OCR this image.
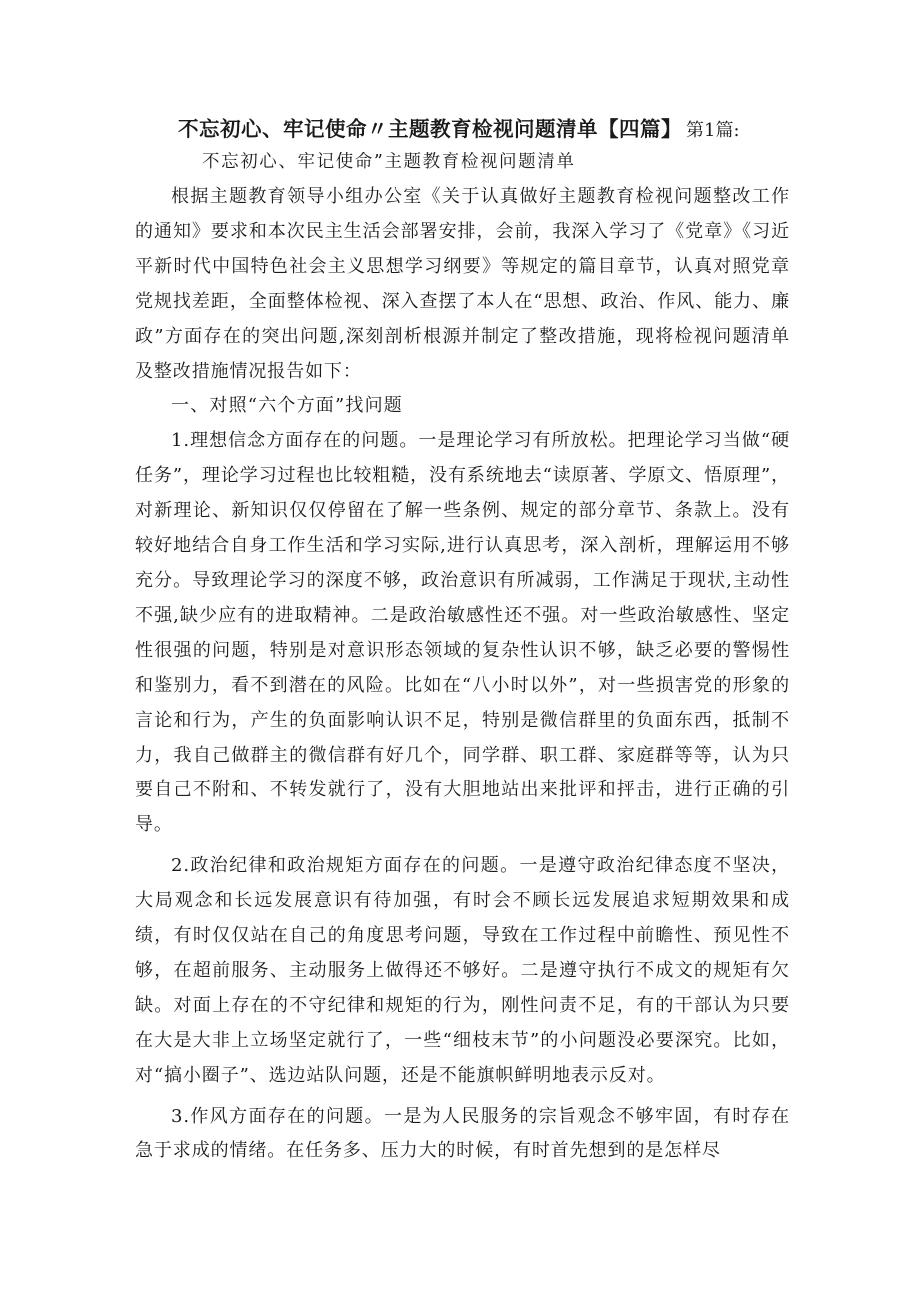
不忘初心、牢记使命〃主题教育检视问题清单【四篇】 第1篇:
不忘初心、牢记使命”主题教育检视问题清单

根据主题教育领导小组办公室《关于认真做好主题教育检视问题整改工作的通知》要求和本次民主生活会部署安排，会前，我深入学习了《党章》《习近平新时代中国特色社会主义思想学习纲要》等规定的篇目章节，认真对照党章党规找差距，全面整体检视、深入查摆了本人在“思想、政治、作风、能力、廉政”方面存在的突出问题,深刻剖析根源并制定了整改措施，现将检视问题清单及整改措施情况报告如下：

一、对照“六个方面”找问题

1.理想信念方面存在的问题。一是理论学习有所放松。把理论学习当做“硬任务”，理论学习过程也比较粗糙，没有系统地去“读原著、学原文、悟原理”，对新理论、新知识仅仅停留在了解一些条例、规定的部分章节、条款上。没有较好地结合自身工作生活和学习实际,进行认真思考，深入剖析，理解运用不够充分。导致理论学习的深度不够，政治意识有所减弱，工作满足于现状,主动性不强,缺少应有的进取精神。二是政治敏感性还不强。对一些政治敏感性、坚定性很强的问题，特别是对意识形态领域的复杂性认识不够，缺乏必要的警惕性和鉴别力，看不到潜在的风险。比如在“八小时以外”，对一些损害党的形象的言论和行为，产生的负面影响认识不足，特别是微信群里的负面东西，抵制不力，我自己做群主的微信群有好几个，同学群、职工群、家庭群等等，认为只要自己不附和、不转发就行了，没有大胆地站出来批评和抨击，进行正确的引导。

2.政治纪律和政治规矩方面存在的问题。一是遵守政治纪律态度不坚决，大局观念和长远发展意识有待加强，有时会不顾长远发展追求短期效果和成绩，有时仅仅站在自己的角度思考问题，导致在工作过程中前瞻性、预见性不够，在超前服务、主动服务上做得还不够好。二是遵守执行不成文的规矩有欠缺。对面上存在的不守纪律和规矩的行为，刚性问责不足，有的干部认为只要在大是大非上立场坚定就行了，一些“细枝末节”的小问题没必要深究。比如，对“搞小圈子”、选边站队问题，还是不能旗帜鲜明地表示反对。

3.作风方面存在的问题。一是为人民服务的宗旨观念不够牢固，有时存在急于求成的情绪。在任务多、压力大的时候，有时首先想到的是怎样尽
